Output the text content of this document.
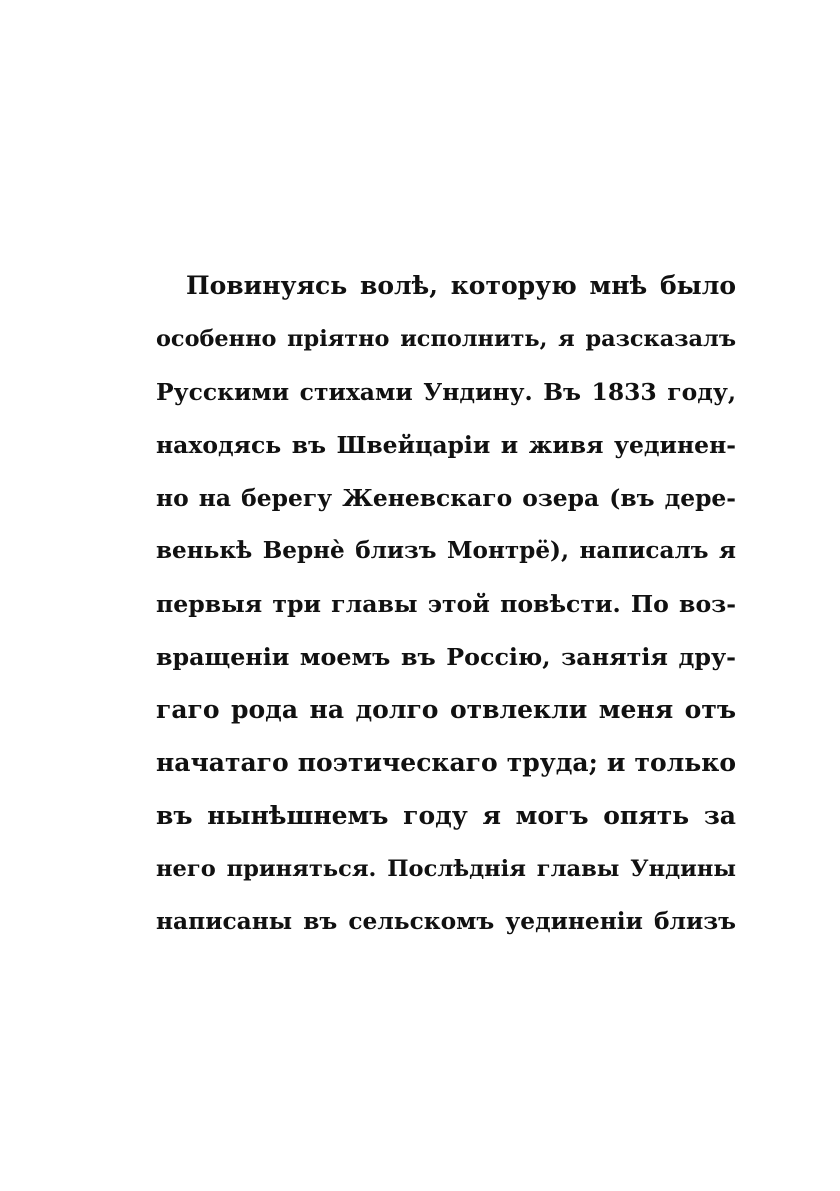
Повинуясь волѣ, которую мнѣ было
особенно пріятно исполнить, я разсказалъ
Русскими стихами Ундину. Въ 1833 году,
находясь въ Швейцаріи и живя уединен-
но на берегу Женевскаго озера (въ дере-
венькѣ Вернѐ близъ Монтрё), написалъ я
первыя три главы этой повѣсти. По воз-
вращеніи моемъ въ Россію, занятія дру-
гаго рода на долго отвлекли меня отъ
начатаго поэтическаго труда; и только
въ нынѣшнемъ году я могъ опять за
него приняться. Послѣднія главы Ундины
написаны въ сельскомъ уединеніи близъ
